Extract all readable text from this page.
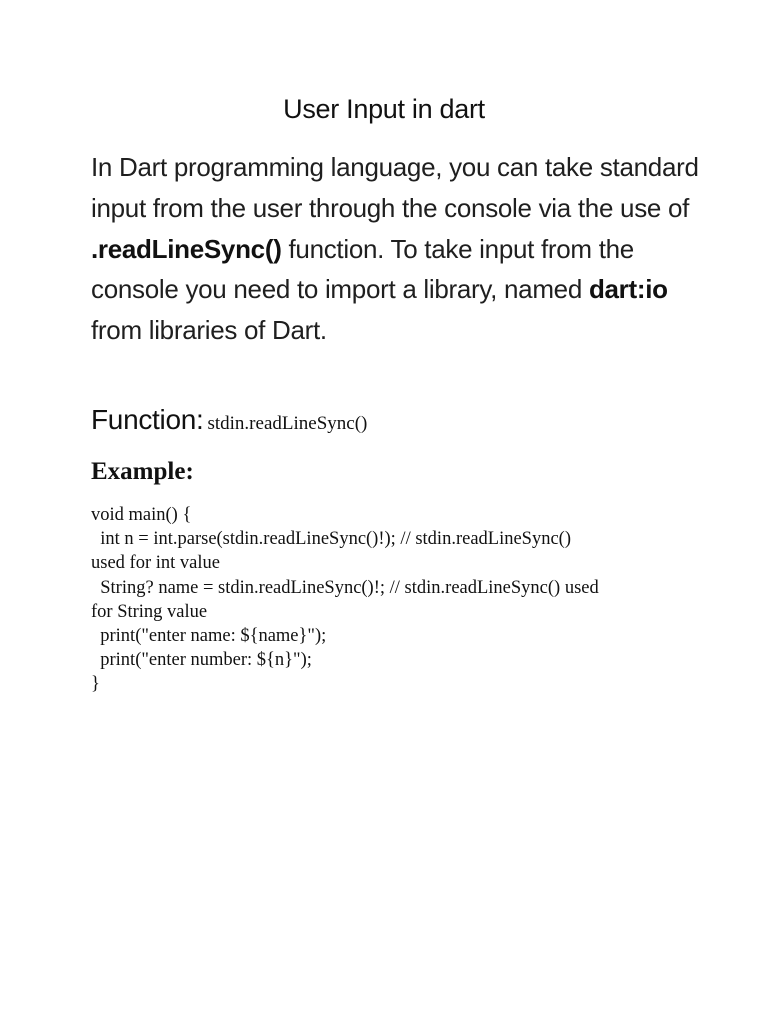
User Input in dart

In Dart programming language, you can take standard input from the user through the console via the use of .readLineSync() function. To take input from the console you need to import a library, named dart:io from libraries of Dart.

Function: stdin.readLineSync()
Example:
void main() {
int n = int.parse(stdin.readLineSync()!); // stdin.readLineSync()
used for int value
String? name = stdin.readLineSync()!; // stdin.readLineSync() used
for String value
print("enter name: ${name}");
print("enter number: ${n}");
}
